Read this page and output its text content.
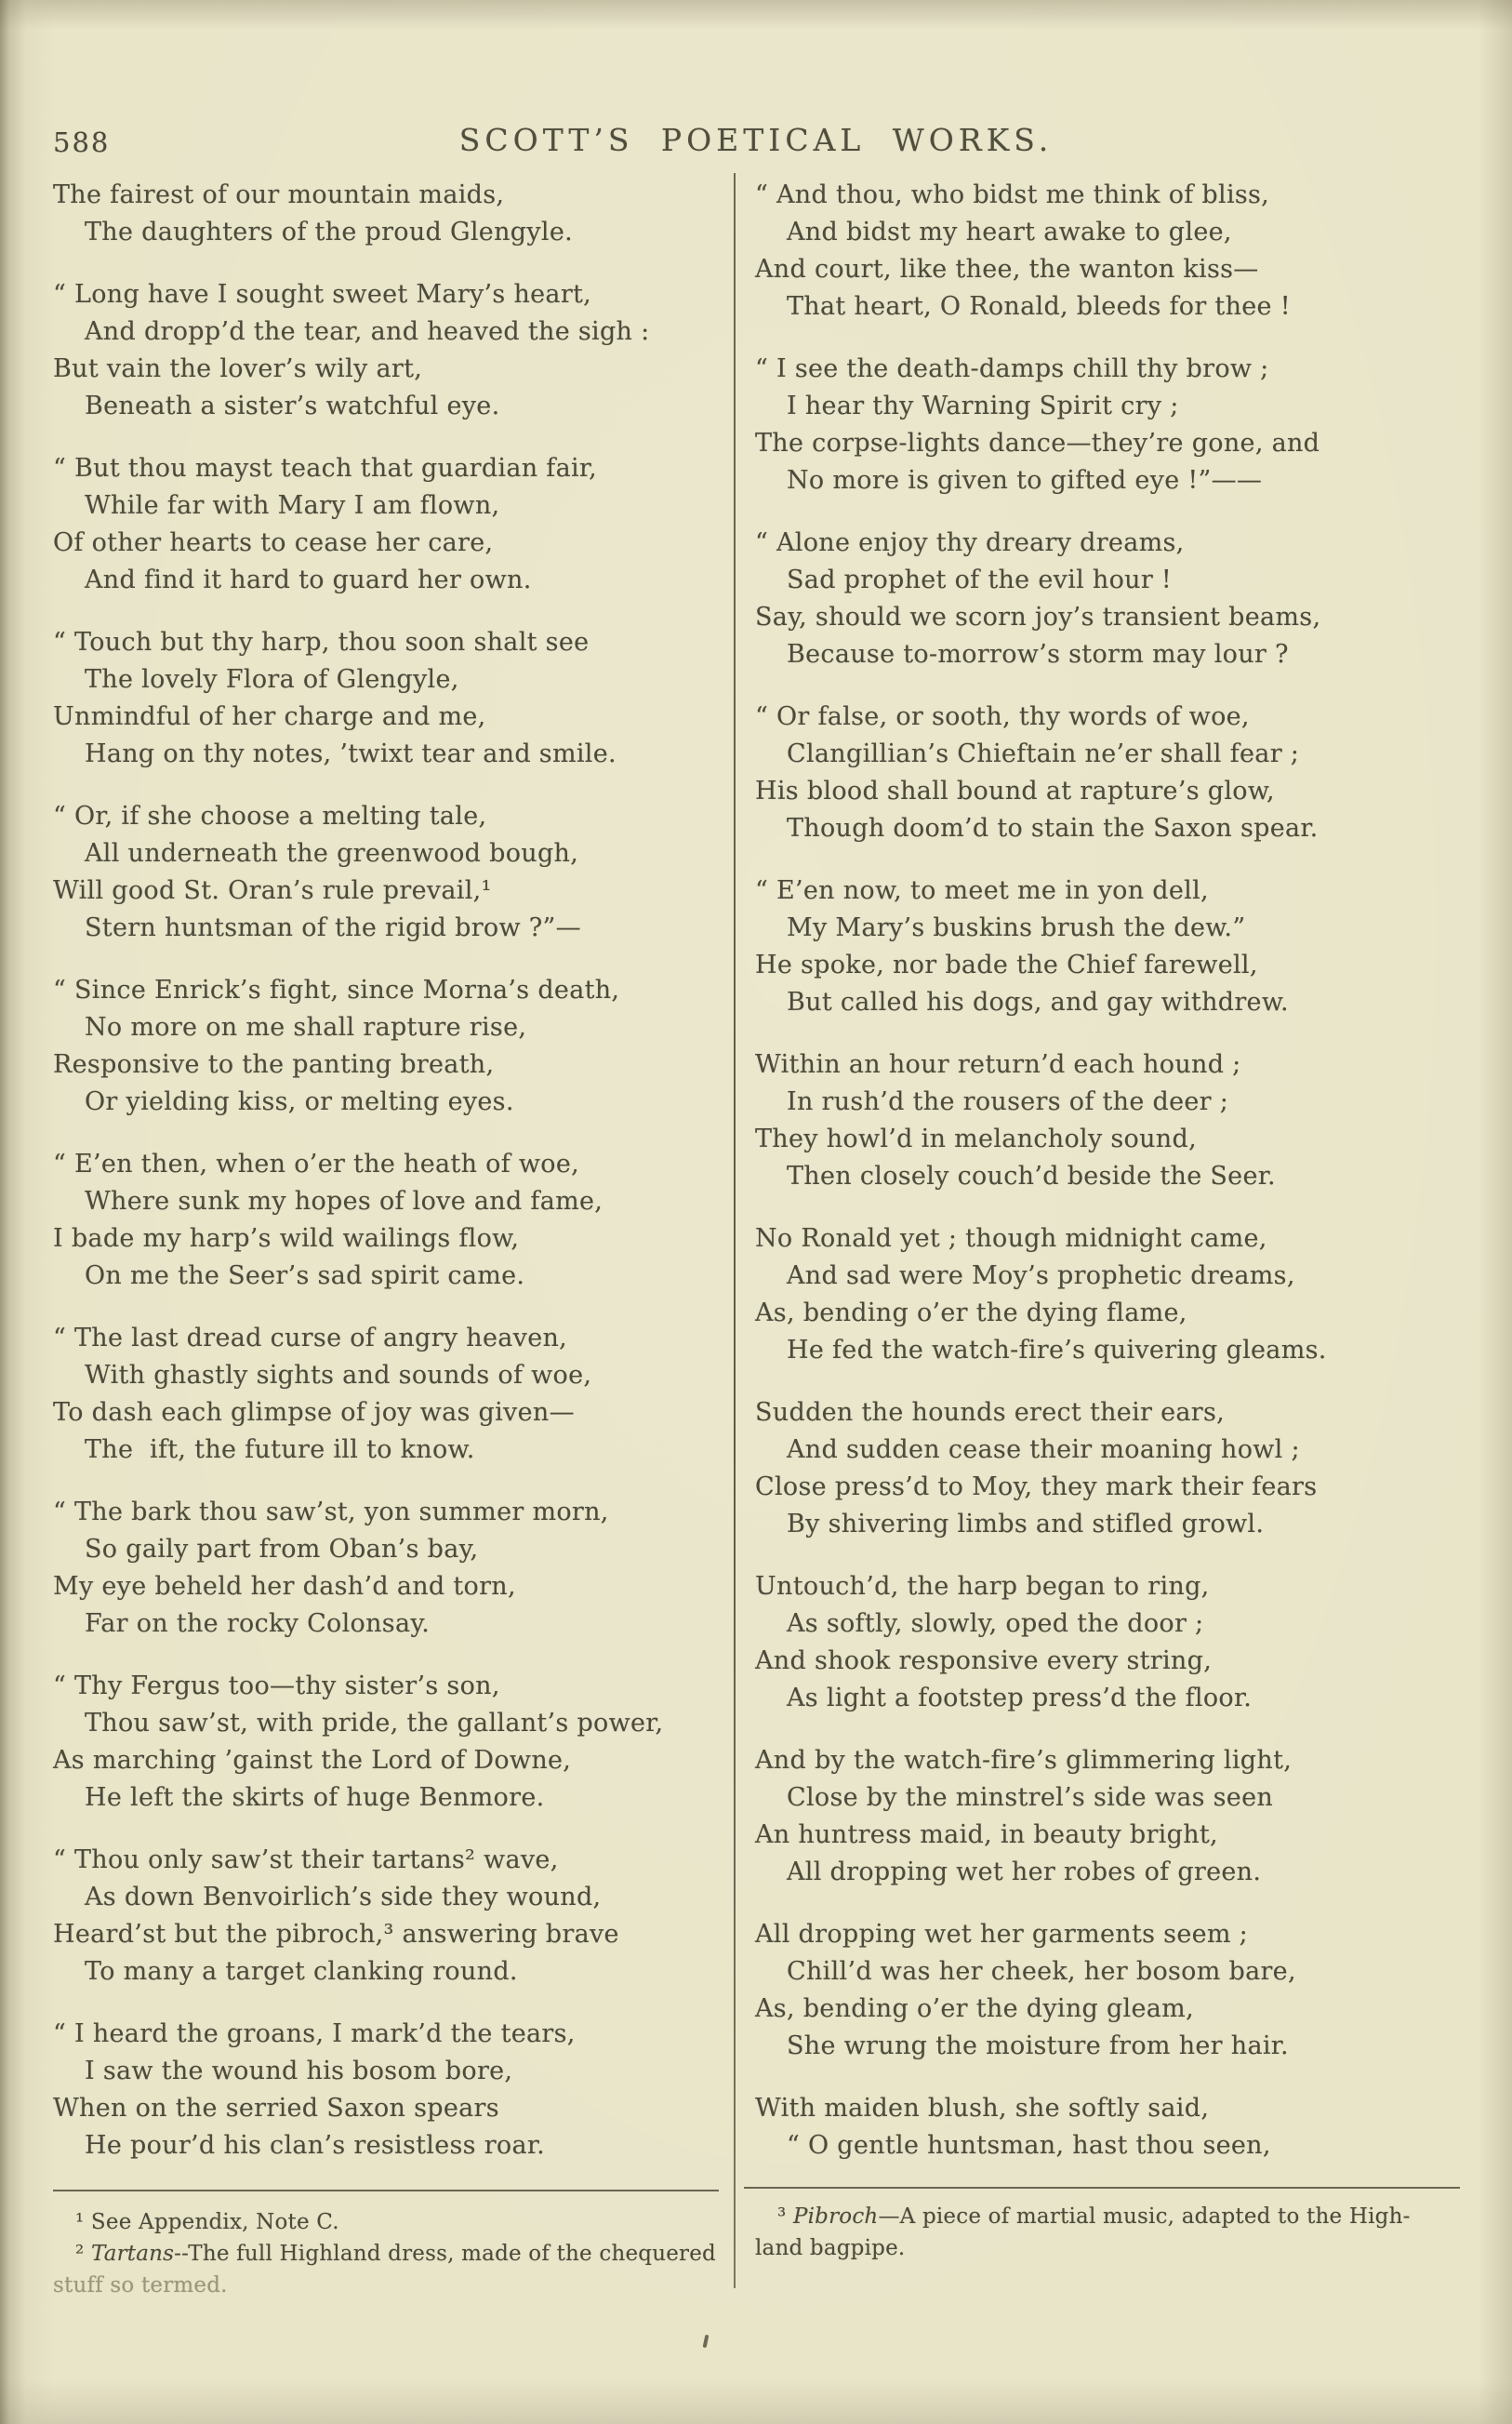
588	SCOTT’S POETICAL WORKS.
The fairest of our mountain maids,
The daughters of the proud Glengyle.
“ Long have I sought sweet Mary’s heart,
And dropp’d the tear, and heaved the sigh :
But vain the lover’s wily art,
Beneath a sister’s watchful eye.
“ But thou mayst teach that guardian fair,
While far with Mary I am flown,
Of other hearts to cease her care,
And find it hard to guard her own.
“ Touch but thy harp, thou soon shalt see
The lovely Flora of Glengyle,
Unmindful of her charge and me,
Hang on thy notes, ’twixt tear and smile.
“ Or, if she choose a melting tale,
All underneath the greenwood bough,
Will good St. Oran’s rule prevail,¹
Stern huntsman of the rigid brow ?”—
“ Since Enrick’s fight, since Morna’s death,
No more on me shall rapture rise,
Responsive to the panting breath,
Or yielding kiss, or melting eyes.
“ E’en then, when o’er the heath of woe,
Where sunk my hopes of love and fame,
I bade my harp’s wild wailings flow,
On me the Seer’s sad spirit came.
“ The last dread curse of angry heaven,
With ghastly sights and sounds of woe,
To dash each glimpse of joy was given—
The  ift, the future ill to know.
“ The bark thou saw’st, yon summer morn,
So gaily part from Oban’s bay,
My eye beheld her dash’d and torn,
Far on the rocky Colonsay.
“ Thy Fergus too—thy sister’s son,
Thou saw’st, with pride, the gallant’s power,
As marching ’gainst the Lord of Downe,
He left the skirts of huge Benmore.
“ Thou only saw’st their tartans² wave,
As down Benvoirlich’s side they wound,
Heard’st but the pibroch,³ answering brave
To many a target clanking round.
“ I heard the groans, I mark’d the tears,
I saw the wound his bosom bore,
When on the serried Saxon spears
He pour’d his clan’s resistless roar.
“ And thou, who bidst me think of bliss,
And bidst my heart awake to glee,
And court, like thee, the wanton kiss—
That heart, O Ronald, bleeds for thee !
“ I see the death-damps chill thy brow ;
I hear thy Warning Spirit cry ;
The corpse-lights dance—they’re gone, and
No more is given to gifted eye !”——
“ Alone enjoy thy dreary dreams,
Sad prophet of the evil hour !
Say, should we scorn joy’s transient beams,
Because to-morrow’s storm may lour ?
“ Or false, or sooth, thy words of woe,
Clangillian’s Chieftain ne’er shall fear ;
His blood shall bound at rapture’s glow,
Though doom’d to stain the Saxon spear.
“ E’en now, to meet me in yon dell,
My Mary’s buskins brush the dew.”
He spoke, nor bade the Chief farewell,
But called his dogs, and gay withdrew.
Within an hour return’d each hound ;
In rush’d the rousers of the deer ;
They howl’d in melancholy sound,
Then closely couch’d beside the Seer.
No Ronald yet ; though midnight came,
And sad were Moy’s prophetic dreams,
As, bending o’er the dying flame,
He fed the watch-fire’s quivering gleams.
Sudden the hounds erect their ears,
And sudden cease their moaning howl ;
Close press’d to Moy, they mark their fears
By shivering limbs and stifled growl.
Untouch’d, the harp began to ring,
As softly, slowly, oped the door ;
And shook responsive every string,
As light a footstep press’d the floor.
And by the watch-fire’s glimmering light,
Close by the minstrel’s side was seen
An huntress maid, in beauty bright,
All dropping wet her robes of green.
All dropping wet her garments seem ;
Chill’d was her cheek, her bosom bare,
As, bending o’er the dying gleam,
She wrung the moisture from her hair.
With maiden blush, she softly said,
“ O gentle huntsman, hast thou seen,
¹ See Appendix, Note C.
² Tartans--The full Highland dress, made of the chequered
stuff so termed.
³ Pibroch—A piece of martial music, adapted to the High-
land bagpipe.
